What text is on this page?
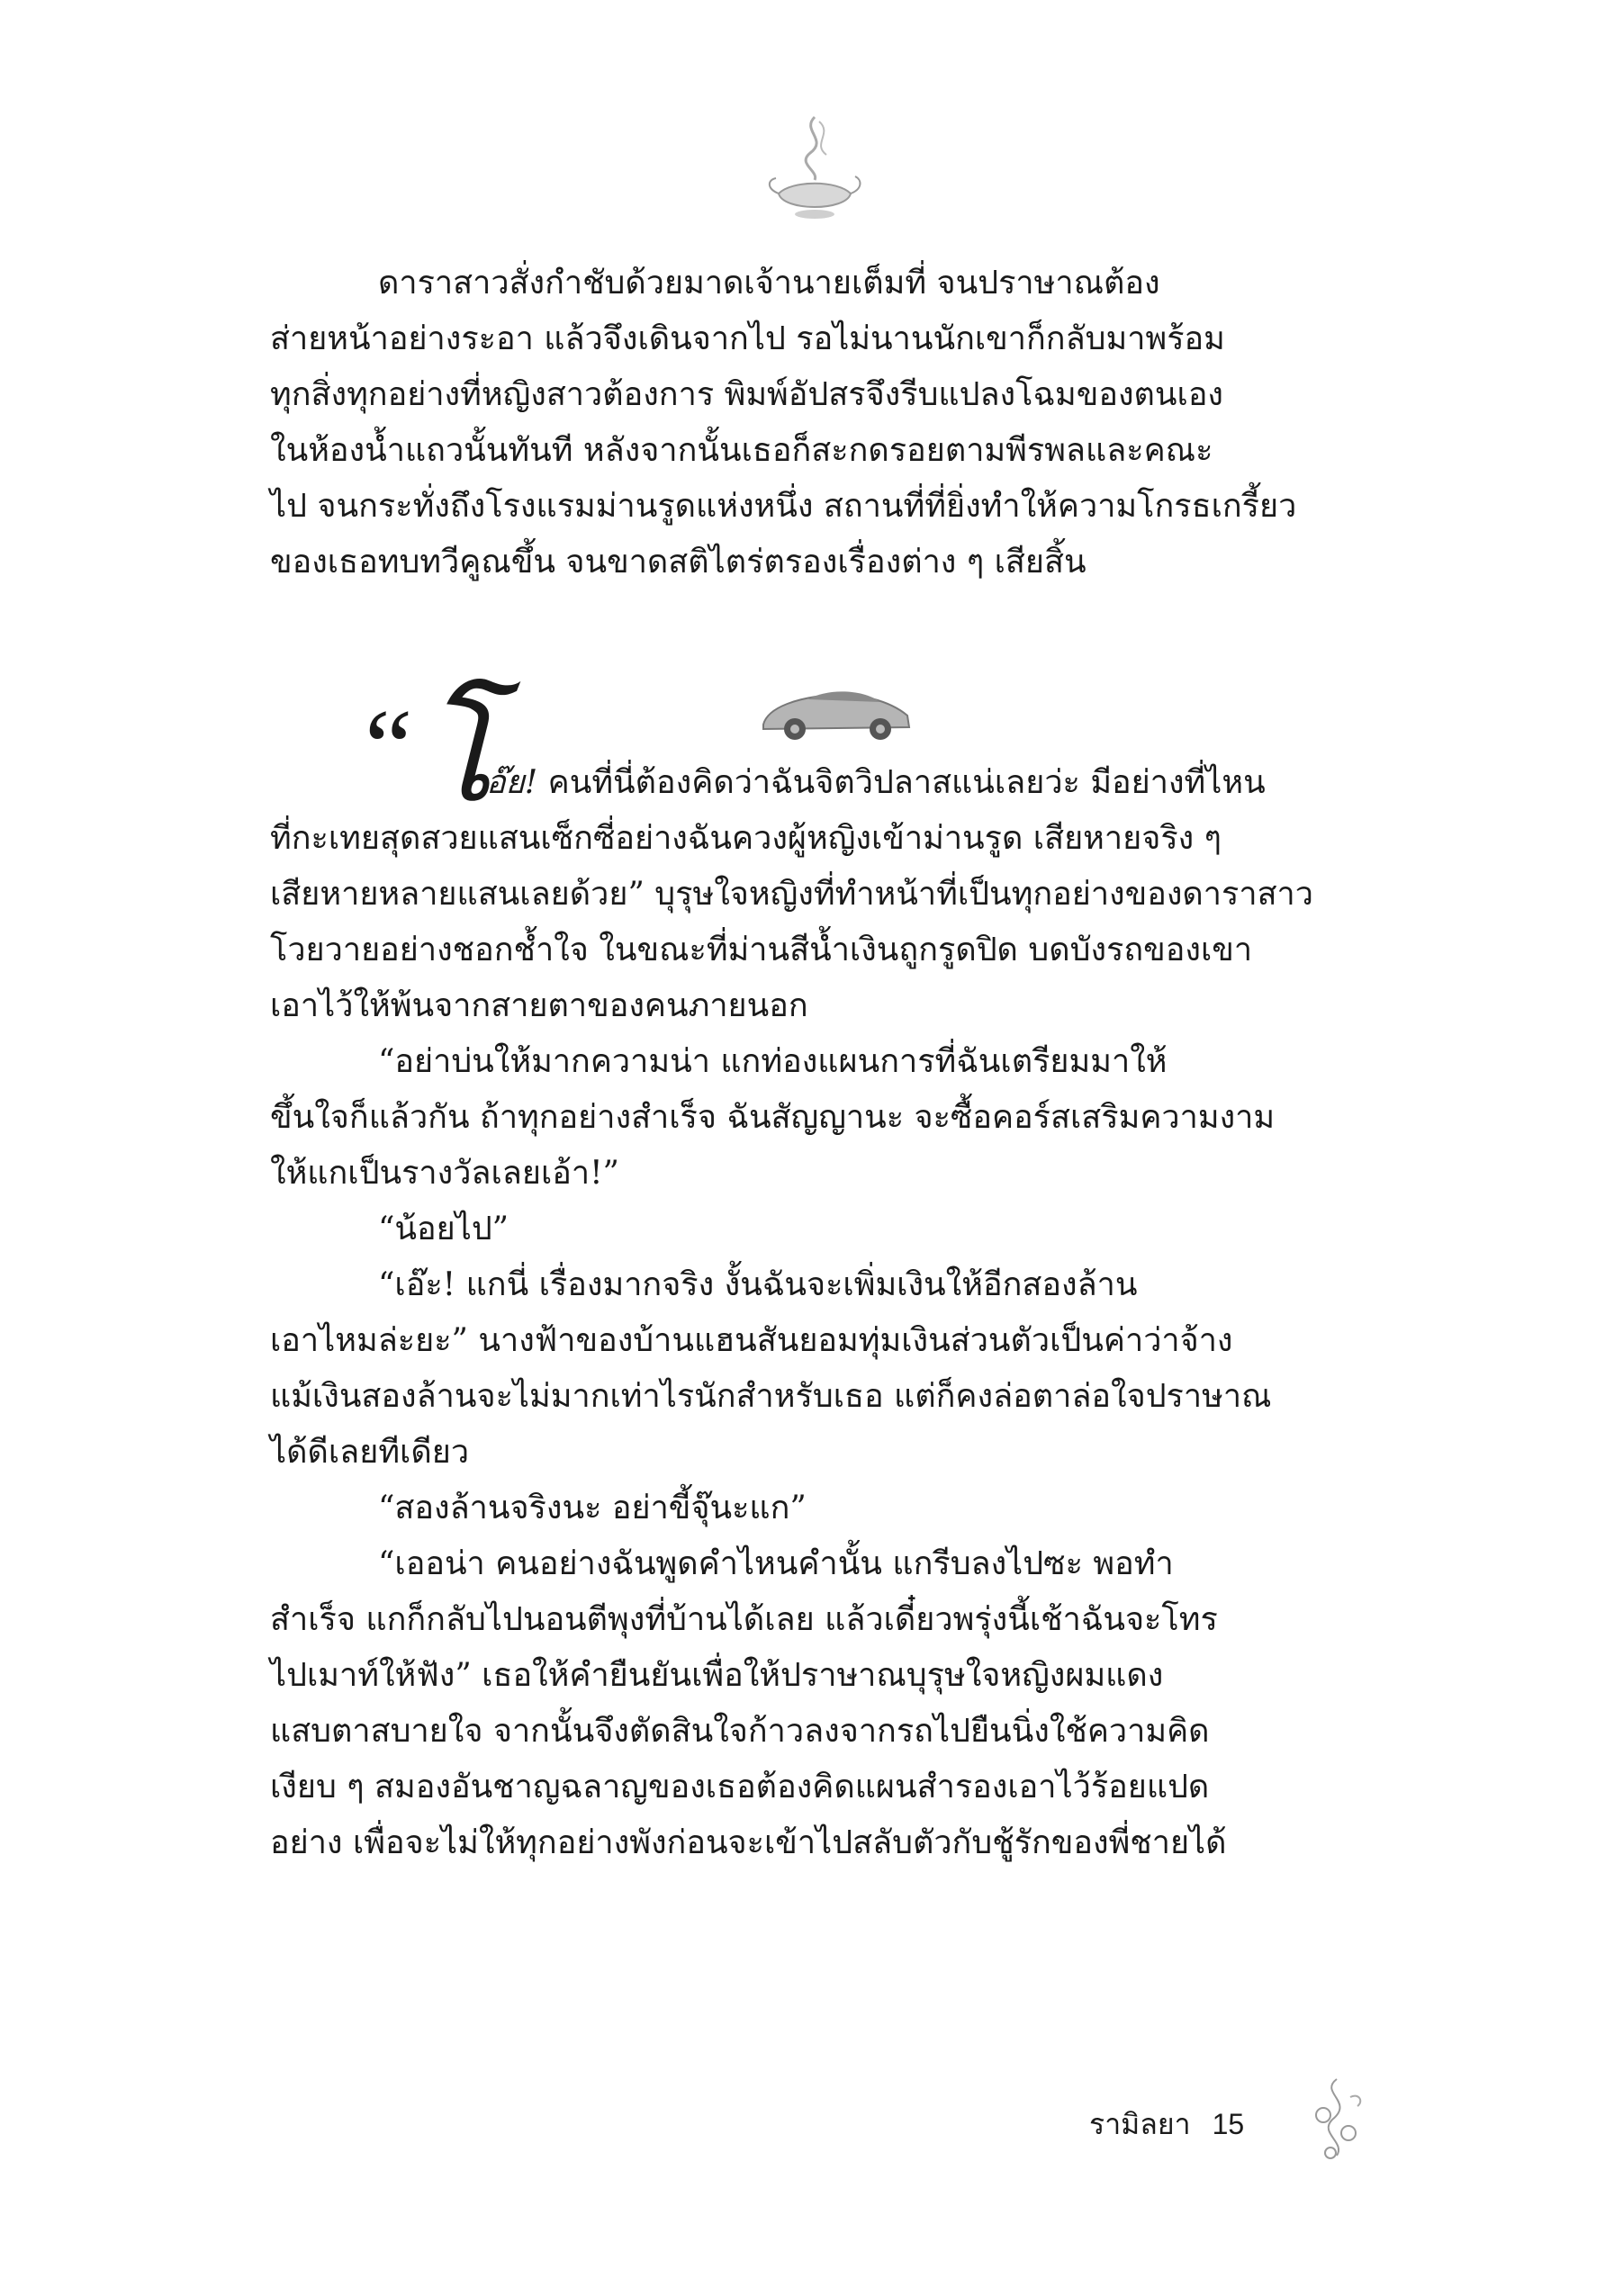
ดาราสาวสั่งกำชับด้วยมาดเจ้านายเต็มที่ จนปราษาณต้อง

ส่ายหน้าอย่างระอา แล้วจึงเดินจากไป รอไม่นานนักเขาก็กลับมาพร้อม

ทุกสิ่งทุกอย่างที่หญิงสาวต้องการ พิมพ์อัปสรจึงรีบแปลงโฉมของตนเอง

ในห้องน้ำแถวนั้นทันที หลังจากนั้นเธอก็สะกดรอยตามพีรพลและคณะ

ไป จนกระทั่งถึงโรงแรมม่านรูดแห่งหนึ่ง สถานที่ที่ยิ่งทำให้ความโกรธเกรี้ยว

ของเธอทบทวีคูณขึ้น จนขาดสติไตร่ตรองเรื่องต่าง ๆ เสียสิ้น

“ โ

อ๊ย! คนที่นี่ต้องคิดว่าฉันจิตวิปลาสแน่เลยว่ะ มีอย่างที่ไหน

ที่กะเทยสุดสวยแสนเซ็กซี่อย่างฉันควงผู้หญิงเข้าม่านรูด เสียหายจริง ๆ

เสียหายหลายแสนเลยด้วย” บุรุษใจหญิงที่ทำหน้าที่เป็นทุกอย่างของดาราสาว

โวยวายอย่างชอกช้ำใจ ในขณะที่ม่านสีน้ำเงินถูกรูดปิด บดบังรถของเขา

เอาไว้ให้พ้นจากสายตาของคนภายนอก

“อย่าบ่นให้มากความน่า แกท่องแผนการที่ฉันเตรียมมาให้

ขึ้นใจก็แล้วกัน ถ้าทุกอย่างสำเร็จ ฉันสัญญานะ จะซื้อคอร์สเสริมความงาม

ให้แกเป็นรางวัลเลยเอ้า!”

“น้อยไป”

“เอ๊ะ! แกนี่ เรื่องมากจริง งั้นฉันจะเพิ่มเงินให้อีกสองล้าน

เอาไหมล่ะยะ” นางฟ้าของบ้านแฮนสันยอมทุ่มเงินส่วนตัวเป็นค่าว่าจ้าง

แม้เงินสองล้านจะไม่มากเท่าไรนักสำหรับเธอ แต่ก็คงล่อตาล่อใจปราษาณ

ได้ดีเลยทีเดียว

“สองล้านจริงนะ อย่าขี้จุ๊นะแก”

“เออน่า คนอย่างฉันพูดคำไหนคำนั้น แกรีบลงไปซะ พอทำ

สำเร็จ แกก็กลับไปนอนตีพุงที่บ้านได้เลย แล้วเดี๋ยวพรุ่งนี้เช้าฉันจะโทร

ไปเมาท์ให้ฟัง” เธอให้คำยืนยันเพื่อให้ปราษาณบุรุษใจหญิงผมแดง

แสบตาสบายใจ จากนั้นจึงตัดสินใจก้าวลงจากรถไปยืนนิ่งใช้ความคิด

เงียบ ๆ สมองอันชาญฉลาญของเธอต้องคิดแผนสำรองเอาไว้ร้อยแปด

อย่าง เพื่อจะไม่ให้ทุกอย่างพังก่อนจะเข้าไปสลับตัวกับชู้รักของพี่ชายได้

รามิลยา 15
